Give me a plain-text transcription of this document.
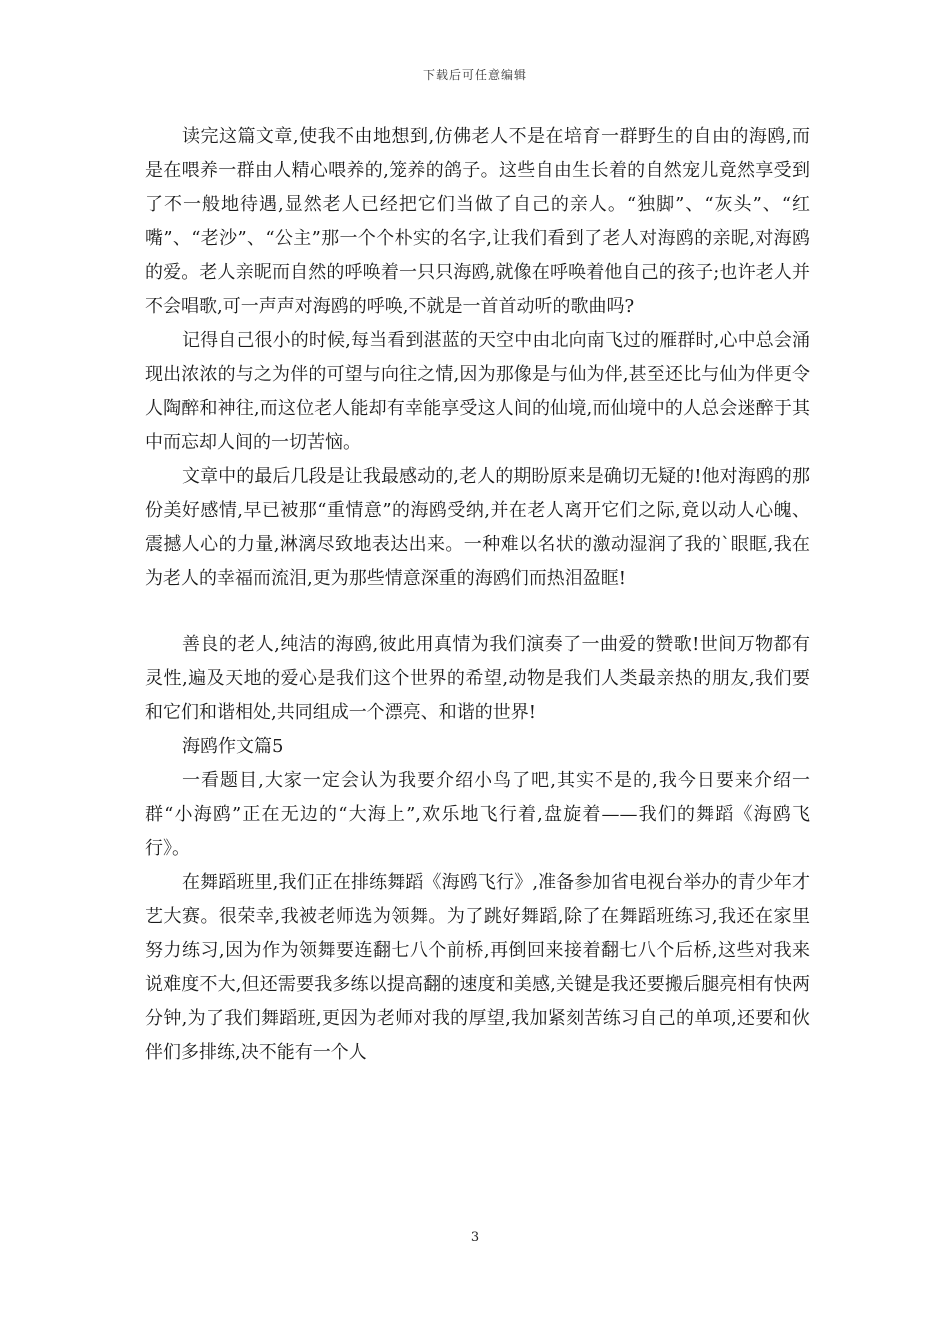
下载后可任意编辑

读完这篇文章,使我不由地想到,仿佛老人不是在培育一群野生的自由的海鸥,而是在喂养一群由人精心喂养的,笼养的鸽子。这些自由生长着的自然宠儿竟然享受到了不一般地待遇,显然老人已经把它们当做了自己的亲人。“独脚”、“灰头”、“红嘴”、“老沙”、“公主”那一个个朴实的名字,让我们看到了老人对海鸥的亲昵,对海鸥的爱。老人亲昵而自然的呼唤着一只只海鸥,就像在呼唤着他自己的孩子;也许老人并不会唱歌,可一声声对海鸥的呼唤,不就是一首首动听的歌曲吗?

记得自己很小的时候,每当看到湛蓝的天空中由北向南飞过的雁群时,心中总会涌现出浓浓的与之为伴的可望与向往之情,因为那像是与仙为伴,甚至还比与仙为伴更令人陶醉和神往,而这位老人能却有幸能享受这人间的仙境,而仙境中的人总会迷醉于其中而忘却人间的一切苦恼。

文章中的最后几段是让我最感动的,老人的期盼原来是确切无疑的!他对海鸥的那份美好感情,早已被那“重情意”的海鸥受纳,并在老人离开它们之际,竟以动人心魄、震撼人心的力量,淋漓尽致地表达出来。一种难以名状的激动湿润了我的`眼眶,我在为老人的幸福而流泪,更为那些情意深重的海鸥们而热泪盈眶!

善良的老人,纯洁的海鸥,彼此用真情为我们演奏了一曲爱的赞歌!世间万物都有灵性,遍及天地的爱心是我们这个世界的希望,动物是我们人类最亲热的朋友,我们要和它们和谐相处,共同组成一个漂亮、和谐的世界!

海鸥作文篇5

一看题目,大家一定会认为我要介绍小鸟了吧,其实不是的,我今日要来介绍一群“小海鸥”正在无边的“大海上”,欢乐地飞行着,盘旋着——我们的舞蹈《海鸥飞行》。

在舞蹈班里,我们正在排练舞蹈《海鸥飞行》,准备参加省电视台举办的青少年才艺大赛。很荣幸,我被老师选为领舞。为了跳好舞蹈,除了在舞蹈班练习,我还在家里努力练习,因为作为领舞要连翻七八个前桥,再倒回来接着翻七八个后桥,这些对我来说难度不大,但还需要我多练以提高翻的速度和美感,关键是我还要搬后腿亮相有快两分钟,为了我们舞蹈班,更因为老师对我的厚望,我加紧刻苦练习自己的单项,还要和伙伴们多排练,决不能有一个人

3
